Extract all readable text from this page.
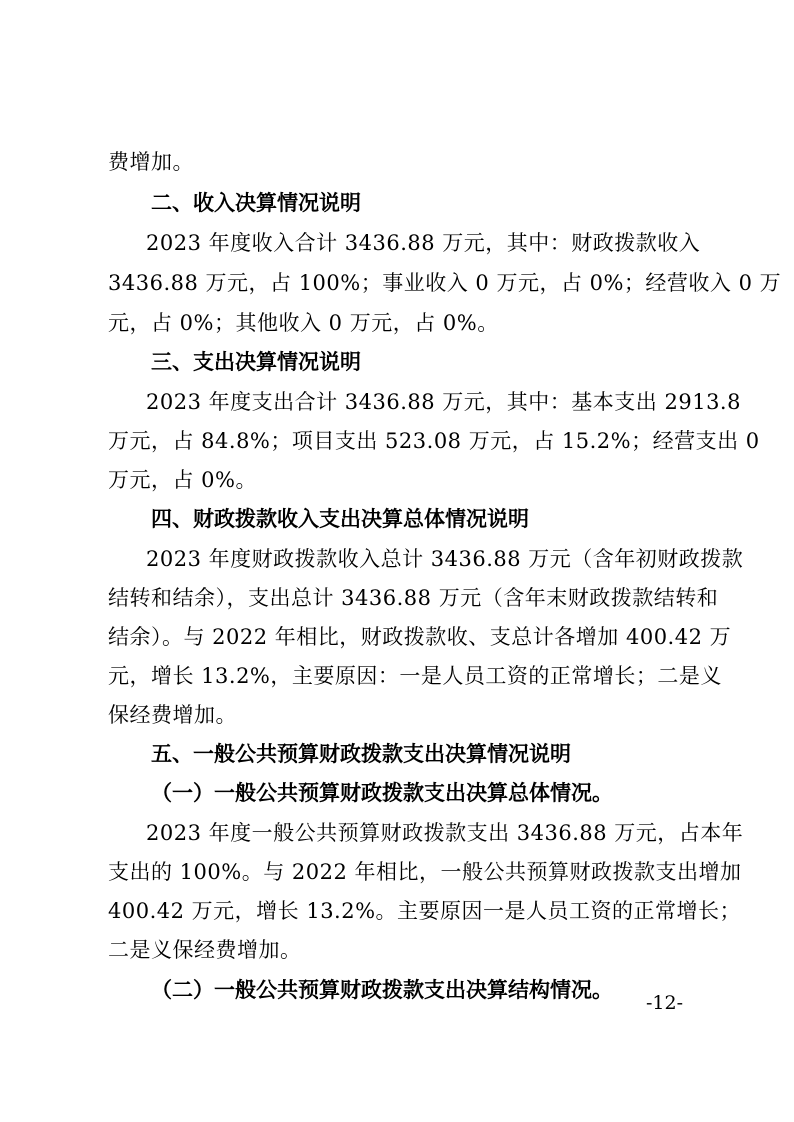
费增加。
二、收入决算情况说明
2023 年度收入合计 3436.88 万元，其中：财政拨款收入
3436.88 万元，占 100%；事业收入 0 万元，占 0%；经营收入 0 万
元，占 0%；其他收入 0 万元，占 0%。
三、支出决算情况说明
2023 年度支出合计 3436.88 万元，其中：基本支出 2913.8
万元，占 84.8%；项目支出 523.08 万元，占 15.2%；经营支出 0
万元，占 0%。
四、财政拨款收入支出决算总体情况说明
2023 年度财政拨款收入总计 3436.88 万元（含年初财政拨款
结转和结余），支出总计 3436.88 万元（含年末财政拨款结转和
结余）。与 2022 年相比，财政拨款收、支总计各增加 400.42 万
元，增长 13.2%，主要原因：一是人员工资的正常增长；二是义
保经费增加。
五、一般公共预算财政拨款支出决算情况说明
（一）一般公共预算财政拨款支出决算总体情况。
2023 年度一般公共预算财政拨款支出 3436.88 万元，占本年
支出的 100%。与 2022 年相比，一般公共预算财政拨款支出增加
400.42 万元，增长 13.2%。主要原因一是人员工资的正常增长；
二是义保经费增加。
（二）一般公共预算财政拨款支出决算结构情况。
-12-
